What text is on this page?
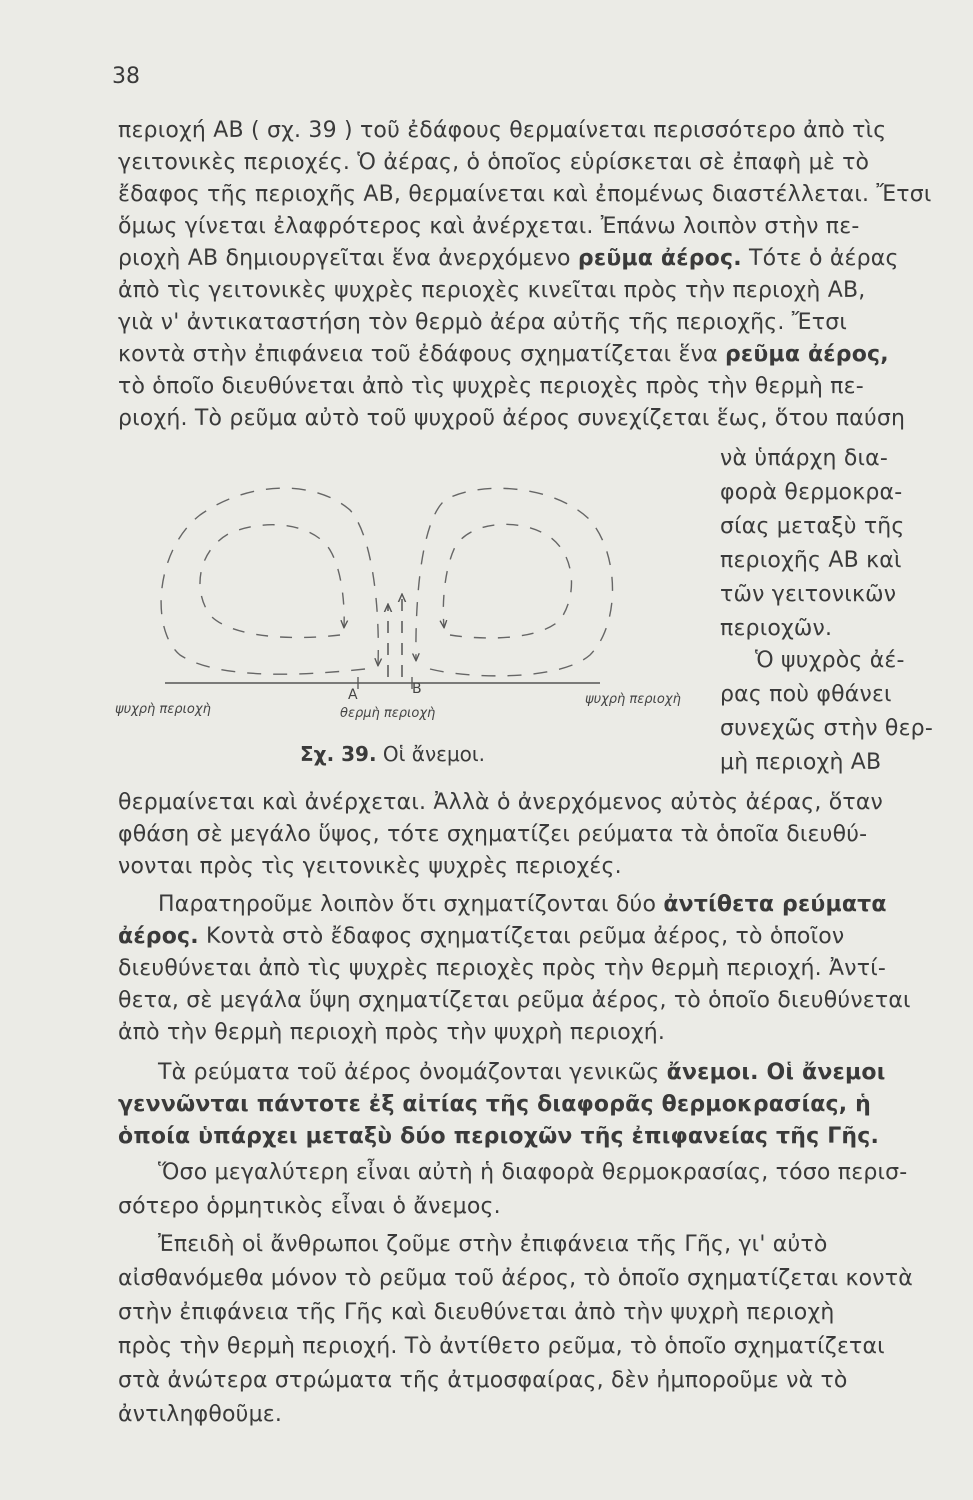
38
περιοχή ΑΒ ( σχ. 39 ) τοῦ ἐδάφους θερμαίνεται περισσότερο ἀπὸ τὶς
γειτονικὲς περιοχές. Ὁ ἀέρας, ὁ ὁποῖος εὑρίσκεται σὲ ἐπαφὴ μὲ τὸ
ἔδαφος τῆς περιοχῆς ΑΒ, θερμαίνεται καὶ ἐπομένως διαστέλλεται. Ἔτσι
ὅμως γίνεται ἐλαφρότερος καὶ ἀνέρχεται. Ἐπάνω λοιπὸν στὴν πε-
ριοχὴ ΑΒ δημιουργεῖται ἕνα ἀνερχόμενο ρεῦμα ἀέρος. Τότε ὁ ἀέρας
ἀπὸ τὶς γειτονικὲς ψυχρὲς περιοχὲς κινεῖται πρὸς τὴν περιοχὴ ΑΒ,
γιὰ ν' ἀντικαταστήση τὸν θερμὸ ἀέρα αὐτῆς τῆς περιοχῆς. Ἔτσι
κοντὰ στὴν ἐπιφάνεια τοῦ ἐδάφους σχηματίζεται ἕνα ρεῦμα ἀέρος,
τὸ ὁποῖο διευθύνεται ἀπὸ τὶς ψυχρὲς περιοχὲς πρὸς τὴν θερμὴ πε-
ριοχή. Τὸ ρεῦμα αὐτὸ τοῦ ψυχροῦ ἀέρος συνεχίζεται ἕως, ὅτου παύση
νὰ ὑπάρχη δια-
φορὰ θερμοκρα-
σίας μεταξὺ τῆς
περιοχῆς ΑΒ καὶ
τῶν γειτονικῶν
περιοχῶν.
Ὁ ψυχρὸς ἀέ-
ρας ποὺ φθάνει
συνεχῶς στὴν θερ-
μὴ περιοχὴ ΑΒ
Α	Β
ψυχρὴ περιοχὴ	θερμὴ περιοχὴ
ψυχρὴ περιοχὴ
Σχ. 39. Οἱ ἄνεμοι.
θερμαίνεται καὶ ἀνέρχεται. Ἀλλὰ ὁ ἀνερχόμενος αὐτὸς ἀέρας, ὅταν
φθάση σὲ μεγάλο ὕψος, τότε σχηματίζει ρεύματα τὰ ὁποῖα διευθύ-
νονται πρὸς τὶς γειτονικὲς ψυχρὲς περιοχές.
Παρατηροῦμε λοιπὸν ὅτι σχηματίζονται δύο ἀντίθετα ρεύματα
ἀέρος. Κοντὰ στὸ ἔδαφος σχηματίζεται ρεῦμα ἀέρος, τὸ ὁποῖον
διευθύνεται ἀπὸ τὶς ψυχρὲς περιοχὲς πρὸς τὴν θερμὴ περιοχή. Ἀντί-
θετα, σὲ μεγάλα ὕψη σχηματίζεται ρεῦμα ἀέρος, τὸ ὁποῖο διευθύνεται
ἀπὸ τὴν θερμὴ περιοχὴ πρὸς τὴν ψυχρὴ περιοχή.
Τὰ ρεύματα τοῦ ἀέρος ὀνομάζονται γενικῶς ἄνεμοι. Οἱ ἄνεμοι
γεννῶνται πάντοτε ἐξ αἰτίας τῆς διαφορᾶς θερμοκρασίας, ἡ
ὁποία ὑπάρχει μεταξὺ δύο περιοχῶν τῆς ἐπιφανείας τῆς Γῆς.
Ὅσο μεγαλύτερη εἶναι αὐτὴ ἡ διαφορὰ θερμοκρασίας, τόσο περισ-
σότερο ὁρμητικὸς εἶναι ὁ ἄνεμος.
Ἐπειδὴ οἱ ἄνθρωποι ζοῦμε στὴν ἐπιφάνεια τῆς Γῆς, γι' αὐτὸ
αἰσθανόμεθα μόνον τὸ ρεῦμα τοῦ ἀέρος, τὸ ὁποῖο σχηματίζεται κοντὰ
στὴν ἐπιφάνεια τῆς Γῆς καὶ διευθύνεται ἀπὸ τὴν ψυχρὴ περιοχὴ
πρὸς τὴν θερμὴ περιοχή. Τὸ ἀντίθετο ρεῦμα, τὸ ὁποῖο σχηματίζεται
στὰ ἀνώτερα στρώματα τῆς ἀτμοσφαίρας, δὲν ἠμποροῦμε νὰ τὸ
ἀντιληφθοῦμε.
